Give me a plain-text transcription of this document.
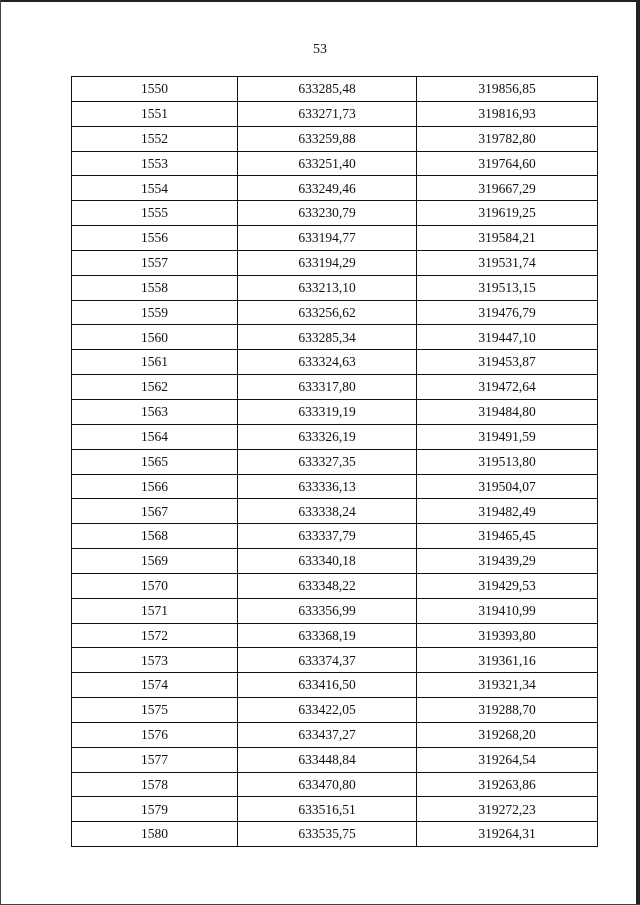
53
1550	633285,48	319856,85
1551	633271,73	319816,93
1552	633259,88	319782,80
1553	633251,40	319764,60
1554	633249,46	319667,29
1555	633230,79	319619,25
1556	633194,77	319584,21
1557	633194,29	319531,74
1558	633213,10	319513,15
1559	633256,62	319476,79
1560	633285,34	319447,10
1561	633324,63	319453,87
1562	633317,80	319472,64
1563	633319,19	319484,80
1564	633326,19	319491,59
1565	633327,35	319513,80
1566	633336,13	319504,07
1567	633338,24	319482,49
1568	633337,79	319465,45
1569	633340,18	319439,29
1570	633348,22	319429,53
1571	633356,99	319410,99
1572	633368,19	319393,80
1573	633374,37	319361,16
1574	633416,50	319321,34
1575	633422,05	319288,70
1576	633437,27	319268,20
1577	633448,84	319264,54
1578	633470,80	319263,86
1579	633516,51	319272,23
1580	633535,75	319264,31
